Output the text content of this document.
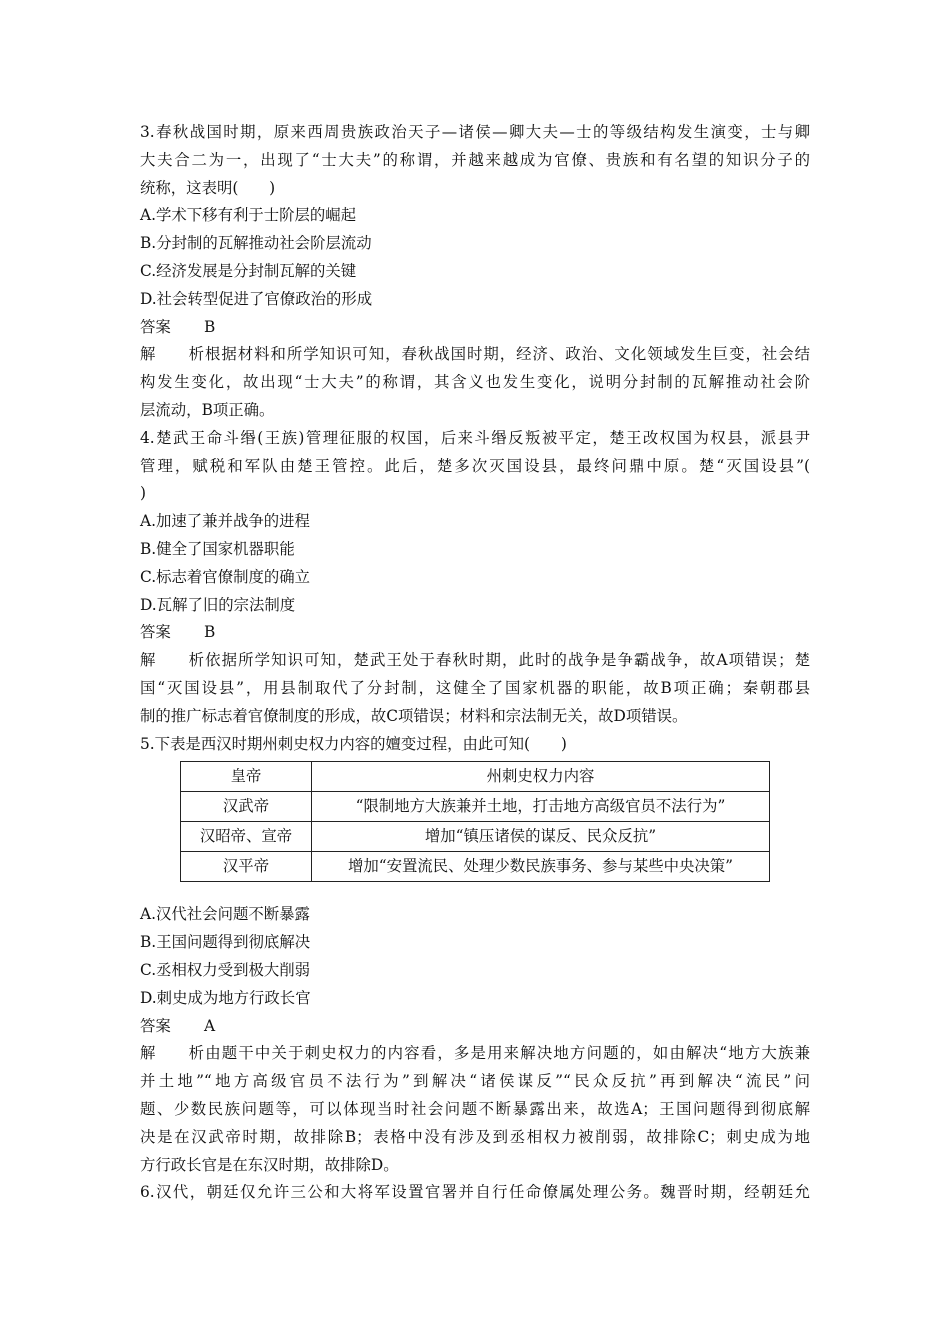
3.春秋战国时期，原来西周贵族政治天子—诸侯—卿大夫—士的等级结构发生演变，士与卿
大夫合二为一，出现了“士大夫”的称谓，并越来越成为官僚、贵族和有名望的知识分子的
统称，这表明(　　)
A.学术下移有利于士阶层的崛起
B.分封制的瓦解推动社会阶层流动
C.经济发展是分封制瓦解的关键
D.社会转型促进了官僚政治的形成
答案 B
解析根据材料和所学知识可知，春秋战国时期，经济、政治、文化领域发生巨变，社会结
构发生变化，故出现“士大夫”的称谓，其含义也发生变化，说明分封制的瓦解推动社会阶
层流动，B项正确。
4.楚武王命斗缗(王族)管理征服的权国，后来斗缗反叛被平定，楚王改权国为权县，派县尹
管理，赋税和军队由楚王管控。此后，楚多次灭国设县，最终问鼎中原。楚“灭国设县”(
)
A.加速了兼并战争的进程
B.健全了国家机器职能
C.标志着官僚制度的确立
D.瓦解了旧的宗法制度
答案 B
解析依据所学知识可知，楚武王处于春秋时期，此时的战争是争霸战争，故A项错误；楚
国“灭国设县”，用县制取代了分封制，这健全了国家机器的职能，故B项正确；秦朝郡县
制的推广标志着官僚制度的形成，故C项错误；材料和宗法制无关，故D项错误。
5.下表是西汉时期州刺史权力内容的嬗变过程，由此可知(　　)
皇帝	州刺史权力内容
汉武帝	“限制地方大族兼并土地，打击地方高级官员不法行为”
汉昭帝、宣帝	增加“镇压诸侯的谋反、民众反抗”
汉平帝	增加“安置流民、处理少数民族事务、参与某些中央决策”
A.汉代社会问题不断暴露
B.王国问题得到彻底解决
C.丞相权力受到极大削弱
D.刺史成为地方行政长官
答案 A
解析由题干中关于刺史权力的内容看，多是用来解决地方问题的，如由解决“地方大族兼
并土地”“地方高级官员不法行为”到解决“诸侯谋反”“民众反抗”再到解决“流民”问
题、少数民族问题等，可以体现当时社会问题不断暴露出来，故选A；王国问题得到彻底解
决是在汉武帝时期，故排除B；表格中没有涉及到丞相权力被削弱，故排除C；刺史成为地
方行政长官是在东汉时期，故排除D。
6.汉代，朝廷仅允许三公和大将军设置官署并自行任命僚属处理公务。魏晋时期，经朝廷允
